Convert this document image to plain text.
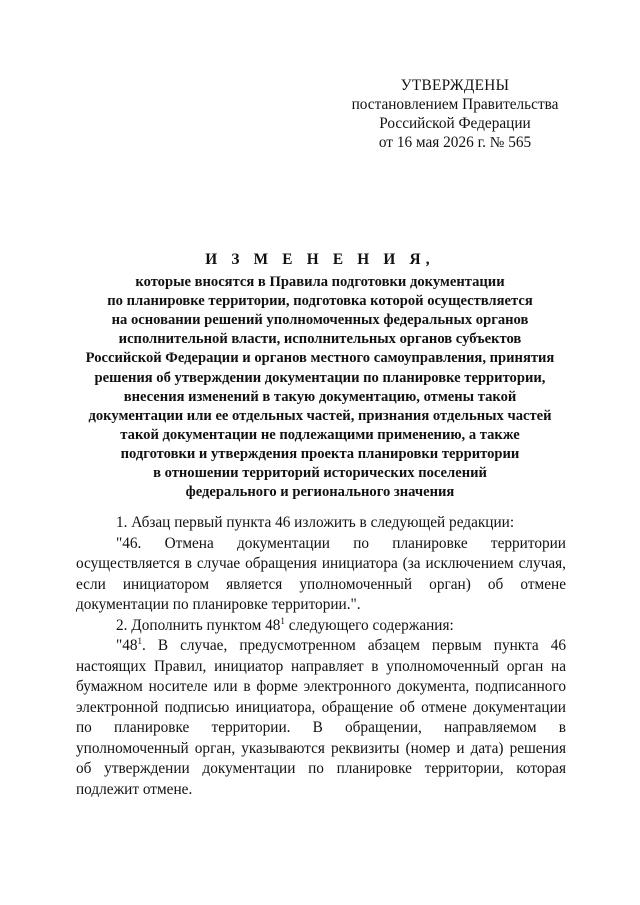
УТВЕРЖДЕНЫ
постановлением Правительства
Российской Федерации
от 16 мая 2026 г. № 565
И З М Е Н Е Н И Я,
которые вносятся в Правила подготовки документации
по планировке территории, подготовка которой осуществляется
на основании решений уполномоченных федеральных органов
исполнительной власти, исполнительных органов субъектов
Российской Федерации и органов местного самоуправления, принятия
решения об утверждении документации по планировке территории,
внесения изменений в такую документацию, отмены такой
документации или ее отдельных частей, признания отдельных частей
такой документации не подлежащими применению, а также
подготовки и утверждения проекта планировки территории
в отношении территорий исторических поселений
федерального и регионального значения

1. Абзац первый пункта 46 изложить в следующей редакции:

"46. Отмена документации по планировке территории осуществляется в случае обращения инициатора (за исключением случая, если инициатором является уполномоченный орган) об отмене документации по планировке территории.".

2. Дополнить пунктом $48^1$ следующего содержания:

"$48^1$. В случае, предусмотренном абзацем первым пункта 46 настоящих Правил, инициатор направляет в уполномоченный орган на бумажном носителе или в форме электронного документа, подписанного электронной подписью инициатора, обращение об отмене документации по планировке территории. В обращении, направляемом в уполномоченный орган, указываются реквизиты (номер и дата) решения об утверждении документации по планировке территории, которая подлежит отмене.
